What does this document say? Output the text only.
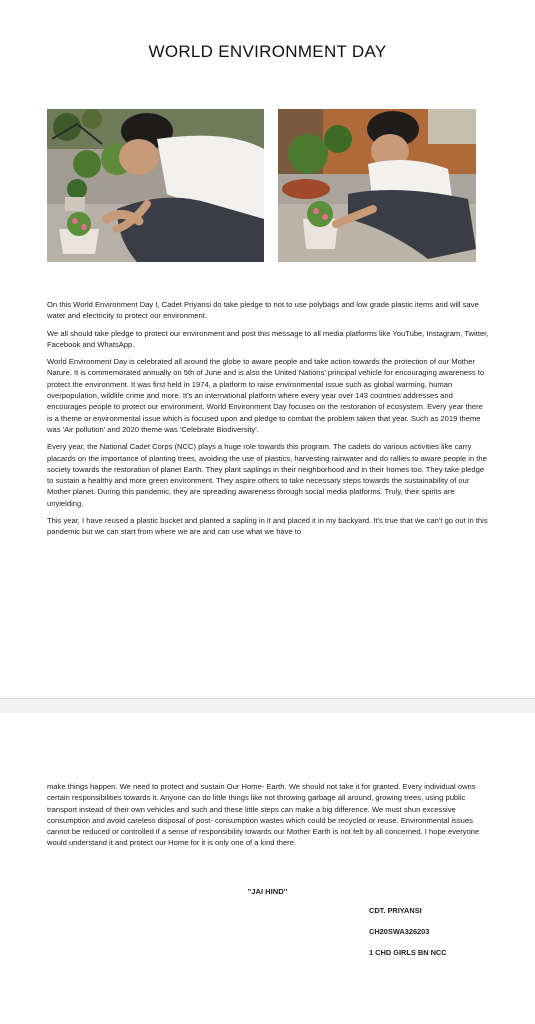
WORLD ENVIRONMENT DAY

On this World Environment Day I, Cadet Priyansi do take pledge to not to use polybags and low grade plastic items and will save water and electricity to protect our environment.

We all should take pledge to protect our environment and post this message to all media platforms like YouTube, Instagram, Twitter, Facebook and WhatsApp.

World Environment Day is celebrated all around the globe to aware people and take action towards the protection of our Mother Nature. It is commemorated annually on 5th of June and is also the United Nations' principal vehicle for encouraging awareness to protect the environment. It was first held in 1974, a platform to raise environmental issue such as global warming, human overpopulation, wildlife crime and more. It's an international platform where every year over 143 countries addresses and encourages people to protect our environment. World Environment Day focuses on the restoration of ecosystem. Every year there is a theme or environmental issue which is focused upon and pledge to combat the problem taken that year. Such as 2019 theme was 'Air pollution' and 2020 theme was 'Celebrate Biodiversity'.

Every year, the National Cadet Corps (NCC) plays a huge role towards this program. The cadets do various activities like carry placards on the importance of planting trees, avoiding the use of plastics, harvesting rainwater and do rallies to aware people in the society towards the restoration of planet Earth. They plant saplings in their neighborhood and in their homes too. They take pledge to sustain a healthy and more green environment. They aspire others to take necessary steps towards the sustainability of our Mother planet. During this pandemic, they are spreading awareness through social media platforms. Truly, their spirits are unyielding.

This year, I have reused a plastic bucket and planted a sapling in it and placed it in my backyard. It's true that we can't go out in this pandemic but we can start from where we are and can use what we have to

make things happen. We need to protect and sustain Our Home- Earth. We should not take it for granted. Every individual owns certain responsibilities towards it. Anyone can do little things like not throwing garbage all around, growing trees, using public transport instead of their own vehicles and such and these little steps can make a big difference. We must shun excessive consumption and avoid careless disposal of post- consumption wastes which could be recycled or reuse. Environmental issues cannot be reduced or controlled if a sense of responsibility towards our Mother Earth is not felt by all concerned. I hope everyone would understand it and protect our Home for it is only one of a kind there.

"JAI HIND"
CDT. PRIYANSI
CH20SWA326203
1 CHD GIRLS BN NCC
